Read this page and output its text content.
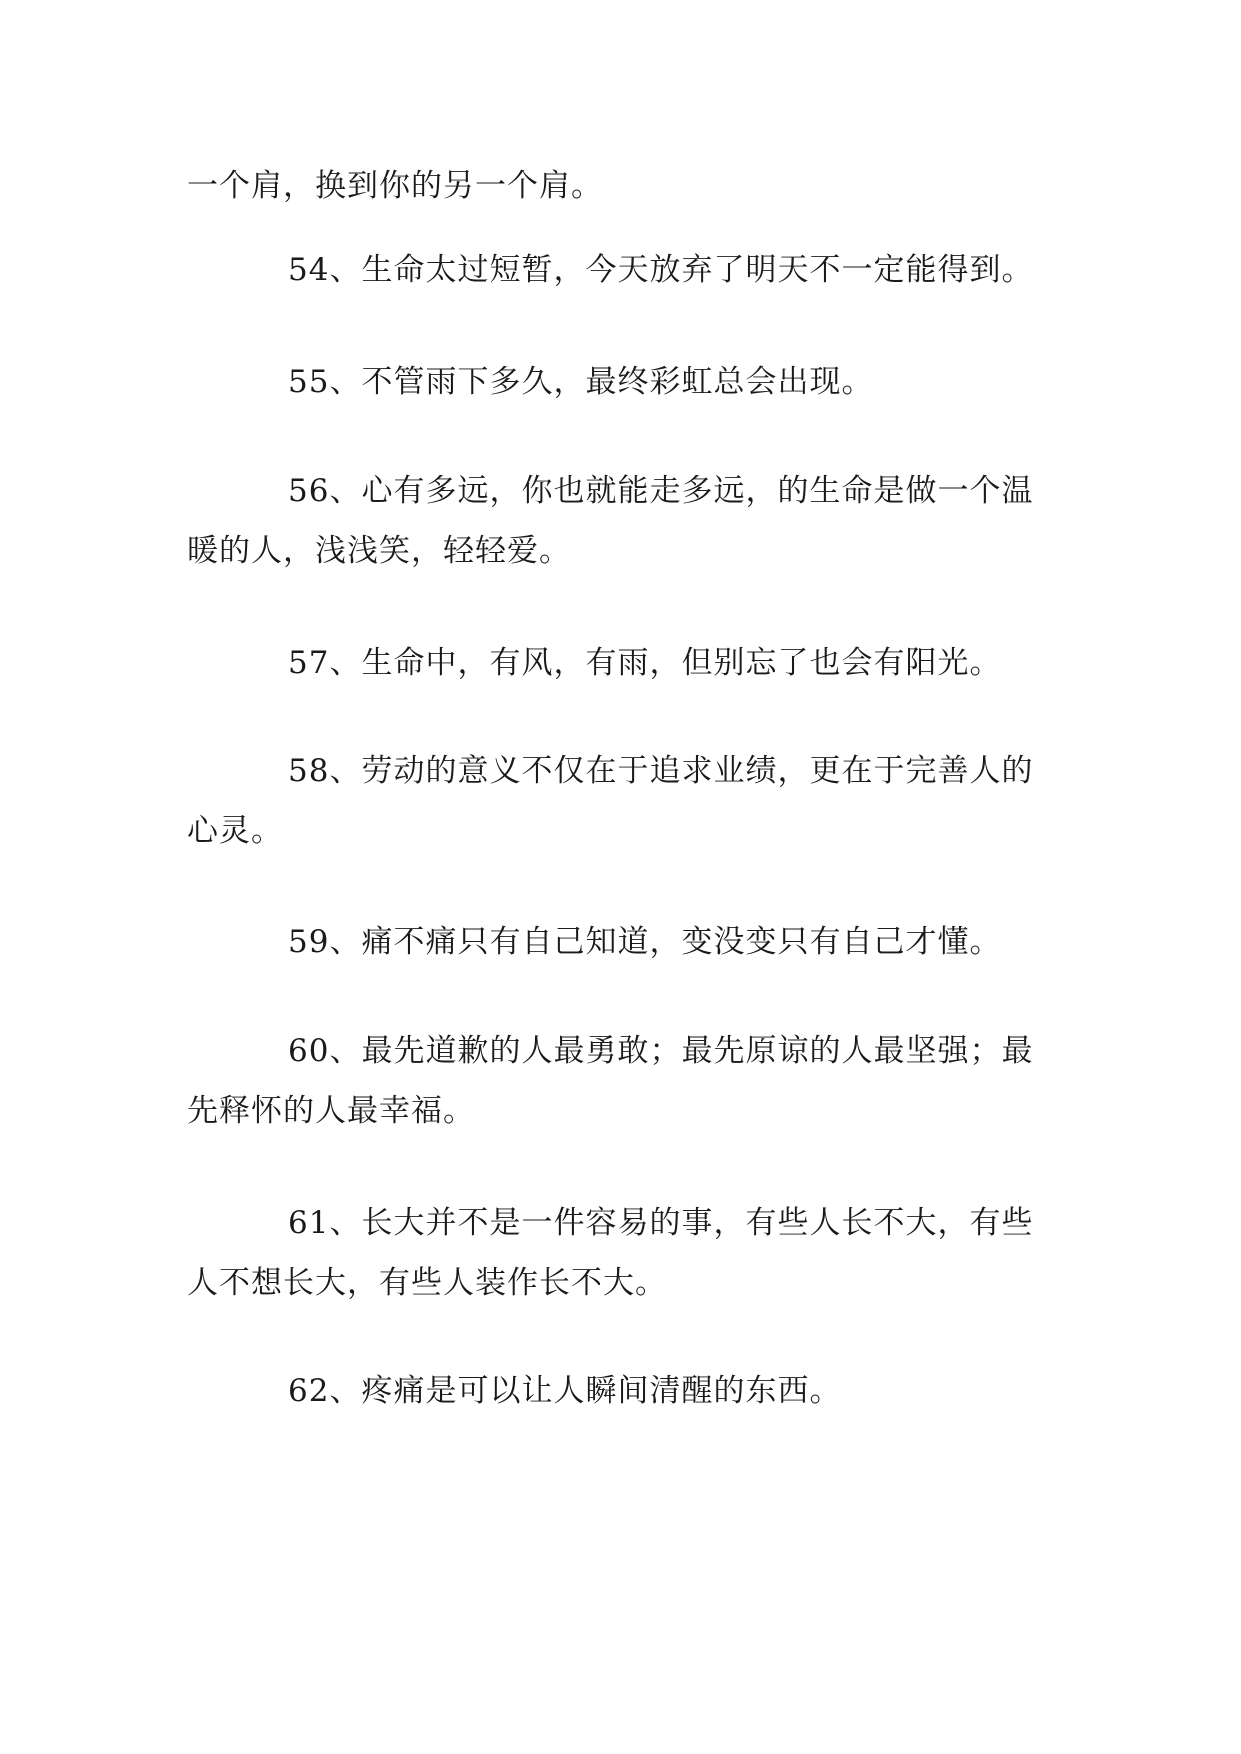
一个肩，换到你的另一个肩。

54、生命太过短暂，今天放弃了明天不一定能得到。

55、不管雨下多久，最终彩虹总会出现。

56、心有多远，你也就能走多远，的生命是做一个温暖的人，浅浅笑，轻轻爱。

57、生命中，有风，有雨，但别忘了也会有阳光。

58、劳动的意义不仅在于追求业绩，更在于完善人的心灵。

59、痛不痛只有自己知道，变没变只有自己才懂。

60、最先道歉的人最勇敢；最先原谅的人最坚强；最先释怀的人最幸福。

61、长大并不是一件容易的事，有些人长不大，有些人不想长大，有些人装作长不大。

62、疼痛是可以让人瞬间清醒的东西。
